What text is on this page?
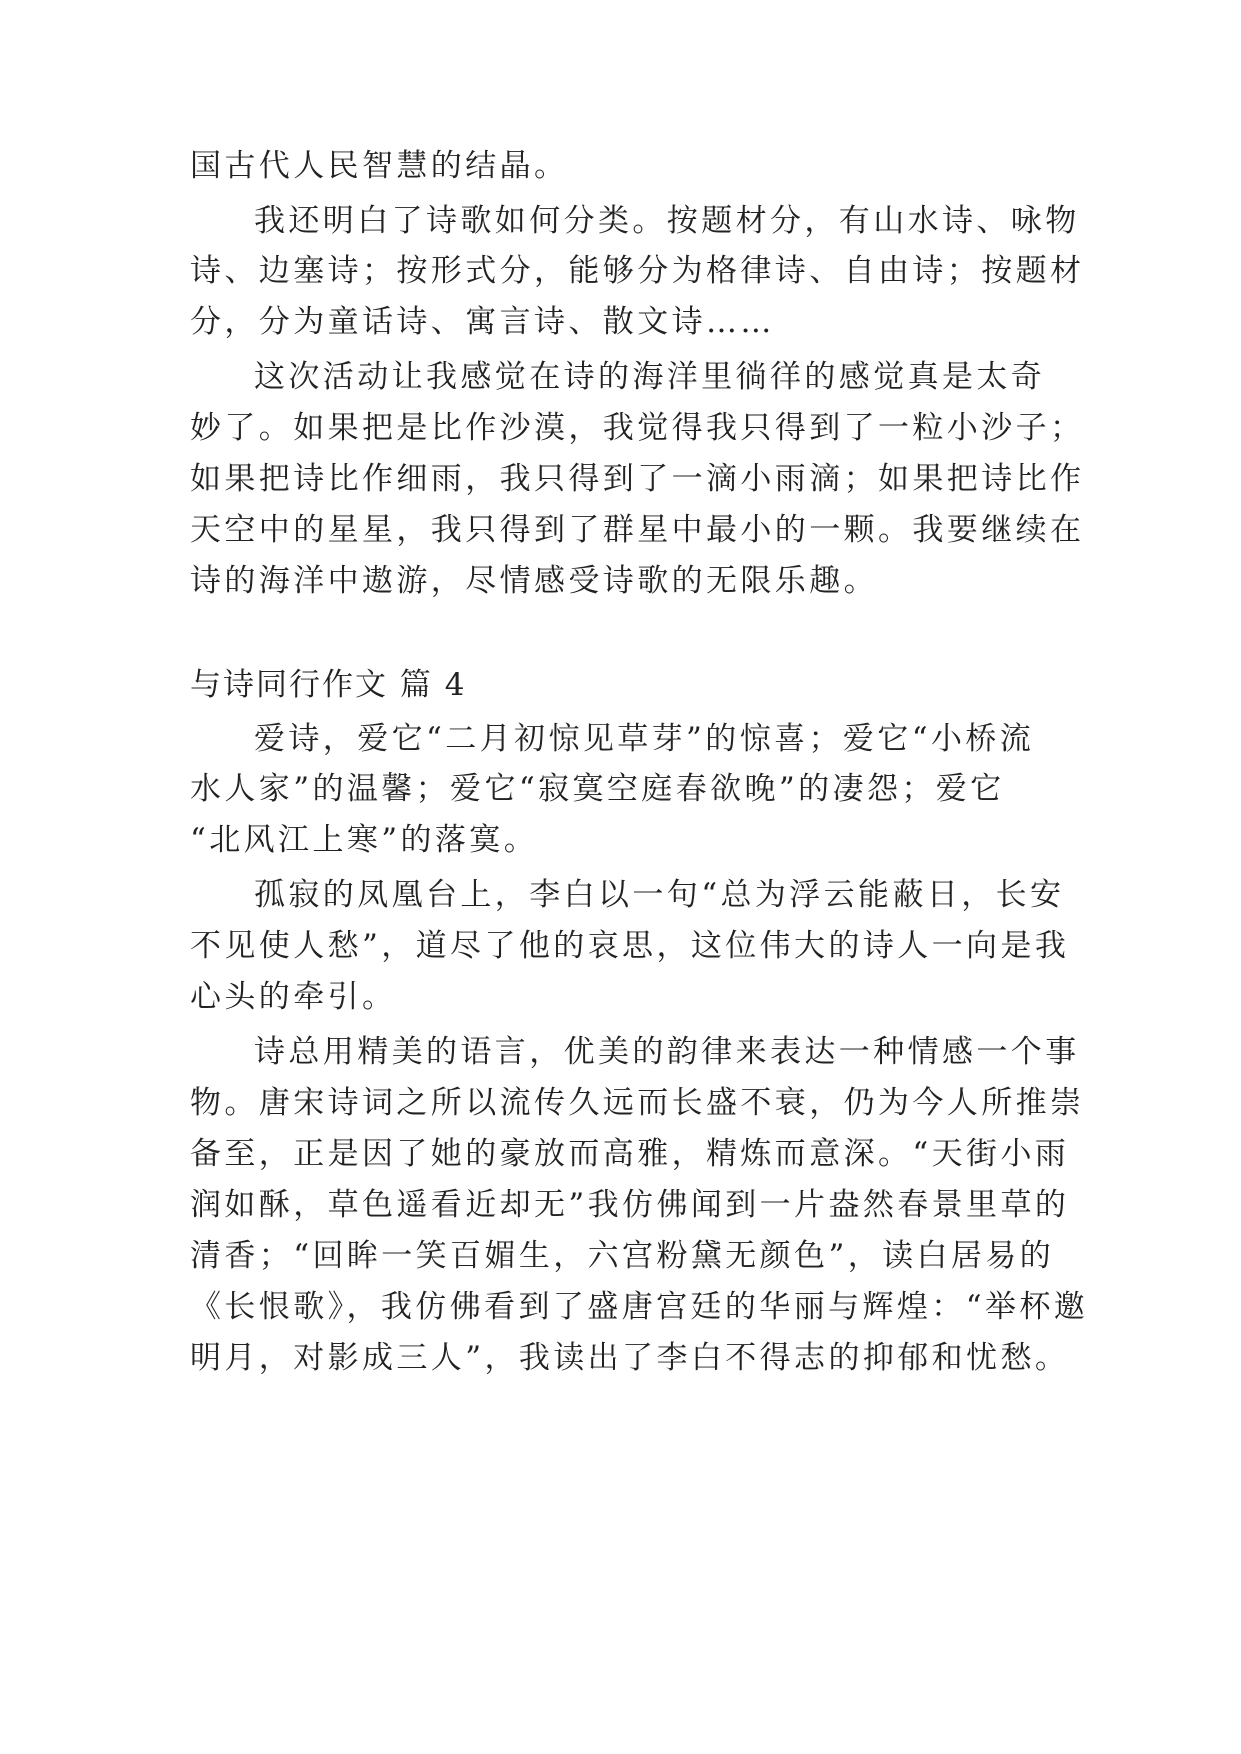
国古代人民智慧的结晶。
我还明白了诗歌如何分类。按题材分，有山水诗、咏物
诗、边塞诗；按形式分，能够分为格律诗、自由诗；按题材
分，分为童话诗、寓言诗、散文诗……
这次活动让我感觉在诗的海洋里徜徉的感觉真是太奇
妙了。如果把是比作沙漠，我觉得我只得到了一粒小沙子；
如果把诗比作细雨，我只得到了一滴小雨滴；如果把诗比作
天空中的星星，我只得到了群星中最小的一颗。我要继续在
诗的海洋中遨游，尽情感受诗歌的无限乐趣。
与诗同行作文 篇 4
爱诗，爱它“二月初惊见草芽”的惊喜；爱它“小桥流
水人家”的温馨；爱它“寂寞空庭春欲晚”的凄怨；爱它
“北风江上寒”的落寞。
孤寂的凤凰台上，李白以一句“总为浮云能蔽日，长安
不见使人愁”，道尽了他的哀思，这位伟大的诗人一向是我
心头的牵引。
诗总用精美的语言，优美的韵律来表达一种情感一个事
物。唐宋诗词之所以流传久远而长盛不衰，仍为今人所推崇
备至，正是因了她的豪放而高雅，精炼而意深。“天街小雨
润如酥，草色遥看近却无”我仿佛闻到一片盎然春景里草的
清香；“回眸一笑百媚生，六宫粉黛无颜色”，读白居易的
《长恨歌》，我仿佛看到了盛唐宫廷的华丽与辉煌：“举杯邀
明月，对影成三人”，我读出了李白不得志的抑郁和忧愁。
